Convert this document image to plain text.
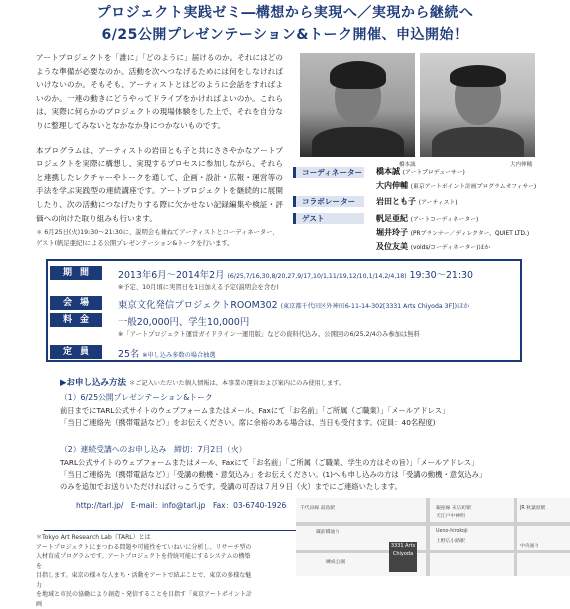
プロジェクト実践ゼミ―構想から実現へ／実現から継続へ
6/25公開プレゼンテーション&トーク開催、申込開始！

アートプロジェクトを「誰に」「どのように」届けるのか。それにはどのような準備が必要なのか。活動を次へつなげるためには何をしなければいけないのか。そもそも、アーティストとはどのように会話をすればよいのか。一連の動きにどうやってドライブをかければよいのか。これらは、実際に何らかのプロジェクトの現場体験をした上で、それを自分なりに整理してみないとなかなか身につかないものです。

本プログラムは、アーティストの岩田とも子と共にささやかなアートプロジェクトを実際に構想し、実現するプロセスに参加しながら、それらと連携したレクチャーやトークを通して、企画・設計・広報・運営等の手法を学ぶ実践型の連続講座です。アートプロジェクトを継続的に展開したり、次の活動につなげたりする際に欠かせない記録編集や検証・評価への向けた取り組みも行います。

＊ 6月25日(火)19:30〜21:30に、説明会も兼ねてアーティストとコーディネーター、
ゲスト(帆足亜紀)による公開プレゼンテーション&トークを行います。
橋本誠	大内伸輔
コーディネーター 橋本誠 (アートプロデューサー)
大内伸輔 (東京アートポイント計画プログラムオフィサー)
コラボレーター	岩田とも子 (アーティスト)
ゲスト	帆足亜紀 (アートコーディネーター)
堀井玲子 (PRプランナー／ディレクター、QUIET LTD.)
及位友美 (voids/コーディネーター)ほか
期間	2013年6月〜2014年2月 (6/25,7/16,30,8/20,27,9/17,10/1,11/19,12/10,1/14,2/4,18) 19:30〜21:30
※予定、10月頃に実習日を1日加える予定(説明会を含む)
会場	東京文化発信プロジェクトROOM302 (東京都千代田区外神田6-11-14-302[3331 Arts Chiyoda 3F])ほか
料金	一般20,000円、学生10,000円
※「アートプロジェクト運営ガイドライン一運用版」などの資料代込み。公開回の6/25,2/4のみ参加は無料
定員	25名 ※申し込み多数の場合抽選
▶お申し込み方法 ＊ご記入いただいた個人情報は、本事業の運営および案内にのみ使用します。
（1）6/25公開プレゼンテーション&トーク
前日までにTARL公式サイトのウェブフォームまたはメール、Faxにて「お名前」「ご所属（ご職業）」「メールアドレス」
「当日ご連絡先（携帯電話など）」をお伝えください。席に余裕のある場合は、当日も受付ます。(定員：40名程度)
（2）連続受講へのお申し込み　締切：7月2日（火）
TARL公式サイトのウェブフォームまたはメール、Faxにて「お名前」「ご所属（ご職業、学生の方はその旨）」「メールアドレス」
「当日ご連絡先（携帯電話など）」「受講の動機・意気込み」をお伝えください。(1)へも申し込みの方は「受講の動機・意気込み」
のみを追加でお送りいただければけっこうです。受講の可否は７月９日（火）までにご連絡いたします。
http://tarl.jp/　E-mail：info@tarl.jp　Fax：03-6740-1926
＊Tokyo Art Research Lab（TARL）とは
アートプロジェクトにまつわる問題や可能性をていねいに分析し、リサーチ型の
人材育成プログラムです。アートプロジェクトを持続可能にするシステムの構築を
目指します。東京の様々な人まち・活動をアートで結ぶことで、東京の多様な魅力
を地域と市民の協働により創造・発信することを目指す「東京アートポイント計画
千代田線 湯島駅	銀座線 末広町駅
天江戸中神明
Ueno-hirokoji
上野広小路駅
JR 秋葉原駅
練成公園
蔵前橋通り
中央通り
3331 Arts Chiyoda
